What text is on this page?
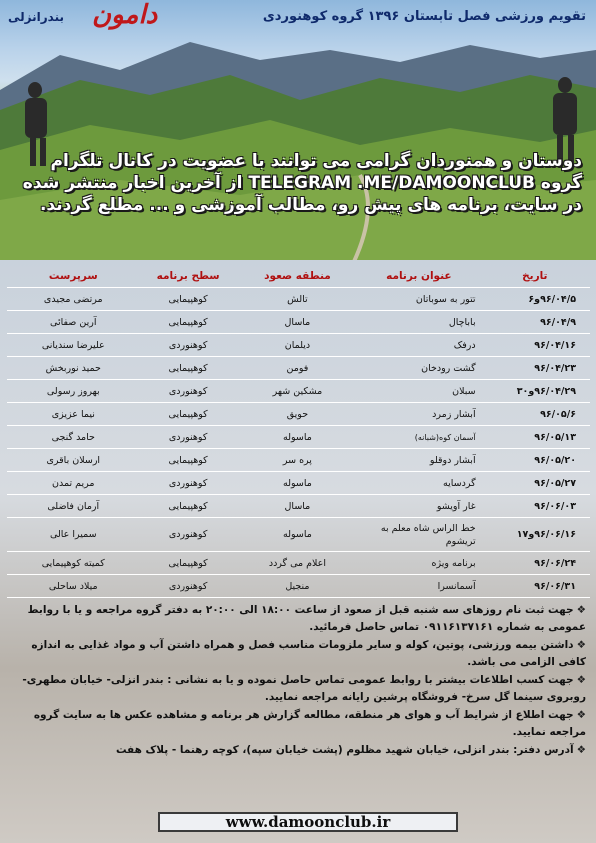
تقویم ورزشی فصل تابستان ۱۳۹۶ گروه کوهنوردی
دامون
بندرانزلی
دوستان و همنوردان گرامی می توانند با عضویت در کانال تلگرام گروه TELEGRAM .ME/DAMOONCLUB از آخرین اخبار منتشر شده در سایت، برنامه های پیش رو، مطالب آموزشی و ... مطلع گردند.
تاریخ	عنوان برنامه	منطقه صعود	سطح برنامه	سرپرست
۹۶/۰۴/۵و۶	تتور به سوباتان	تالش	کوهپیمایی	مرتضی مجیدی
۹۶/۰۴/۹	باباچال	ماسال	کوهپیمایی	آرین صفائی
۹۶/۰۴/۱۶	درفک	دیلمان	کوهنوردی	علیرضا سندیانی
۹۶/۰۴/۲۳	گشت رودخان	فومن	کوهپیمایی	حمید نوربخش
۹۶/۰۴/۲۹و۳۰	سبلان	مشکین شهر	کوهنوردی	بهروز رسولی
۹۶/۰۵/۶	آبشار زمرد	حویق	کوهپیمایی	نیما عزیزی
۹۶/۰۵/۱۳	آسمان کوه(شبانه)	ماسوله	کوهنوردی	حامد گنجی
۹۶/۰۵/۲۰	آبشار دوقلو	پره سر	کوهپیمایی	ارسلان باقری
۹۶/۰۵/۲۷	گردسایه	ماسوله	کوهنوردی	مریم تمدن
۹۶/۰۶/۰۳	غار آویشو	ماسال	کوهپیمایی	آرمان فاضلی
۹۶/۰۶/۱۶و۱۷	خط الراس شاه معلم به تریشوم	ماسوله	کوهنوردی	سمیرا عالی
۹۶/۰۶/۲۴	برنامه ویژه	اعلام می گردد	کوهپیمایی	کمیته کوهپیمایی
۹۶/۰۶/۳۱	آسمانسرا	منجیل	کوهنوردی	میلاد ساحلی
❖جهت ثبت نام روزهای سه شنبه قبل از صعود از ساعت ۱۸:۰۰ الی ۲۰:۰۰ به دفتر گروه مراجعه و یا با روابط عمومی به شماره ۰۹۱۱۶۱۳۷۱۶۱ تماس حاصل فرمائید.
❖داشتن بیمه ورزشی، پوتین، کوله و سایر ملزومات مناسب فصل و همراه داشتن آب و مواد غذایی به اندازه کافی الزامی می باشد.
❖جهت کسب اطلاعات بیشتر با روابط عمومی تماس حاصل نموده و یا به نشانی : بندر انزلی- خیابان مطهری- روبروی سینما گل سرخ- فروشگاه پرشین رایانه مراجعه نمایید.
❖جهت اطلاع از شرایط آب و هوای هر منطقه، مطالعه گزارش هر برنامه و مشاهده عکس ها به سایت گروه مراجعه نمایید.
❖آدرس دفتر: بندر انزلی، خیابان شهید مظلوم (پشت خیابان سپه)، کوچه رهنما - پلاک هفت
www.damoonclub.ir
